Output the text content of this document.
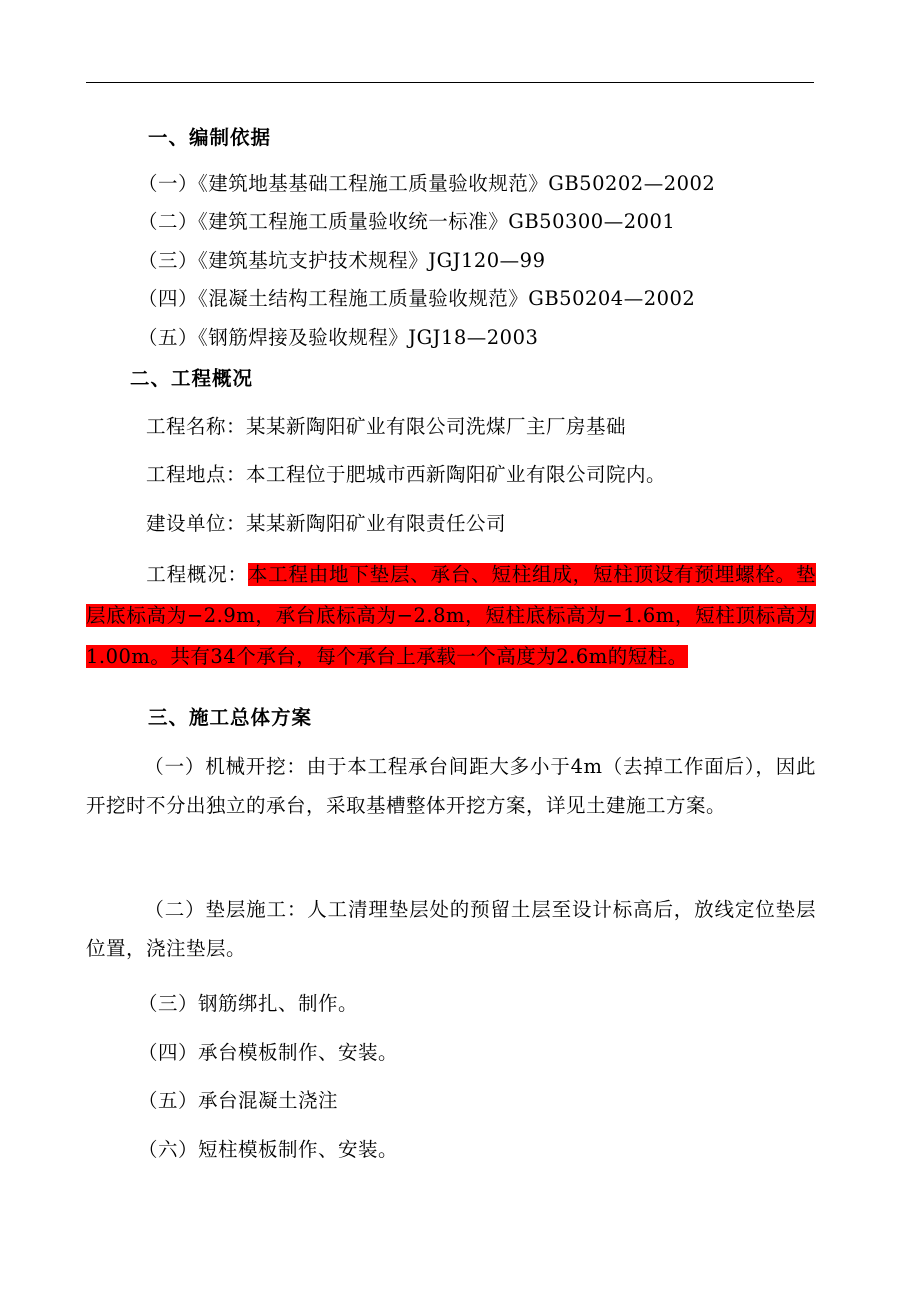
一、编制依据
（一）《建筑地基基础工程施工质量验收规范》GB50202—2002
（二）《建筑工程施工质量验收统一标准》GB50300—2001
（三）《建筑基坑支护技术规程》JGJ120—99
（四）《混凝土结构工程施工质量验收规范》GB50204—2002
（五）《钢筋焊接及验收规程》JGJ18—2003
二、工程概况
工程名称：某某新陶阳矿业有限公司洗煤厂主厂房基础
工程地点：本工程位于肥城市西新陶阳矿业有限公司院内。
建设单位：某某新陶阳矿业有限责任公司
工程概况：本工程由地下垫层、承台、短柱组成，短柱顶设有预埋螺栓。垫层底标高为−2.9m，承台底标高为−2.8m，短柱底标高为−1.6m，短柱顶标高为1.00m。共有34个承台，每个承台上承载一个高度为2.6m的短柱。
三、施工总体方案
（一）机械开挖：由于本工程承台间距大多小于4m（去掉工作面后），因此开挖时不分出独立的承台，采取基槽整体开挖方案，详见土建施工方案。
（二）垫层施工：人工清理垫层处的预留土层至设计标高后，放线定位垫层位置，浇注垫层。
（三）钢筋绑扎、制作。
（四）承台模板制作、安装。
（五）承台混凝土浇注
（六）短柱模板制作、安装。
